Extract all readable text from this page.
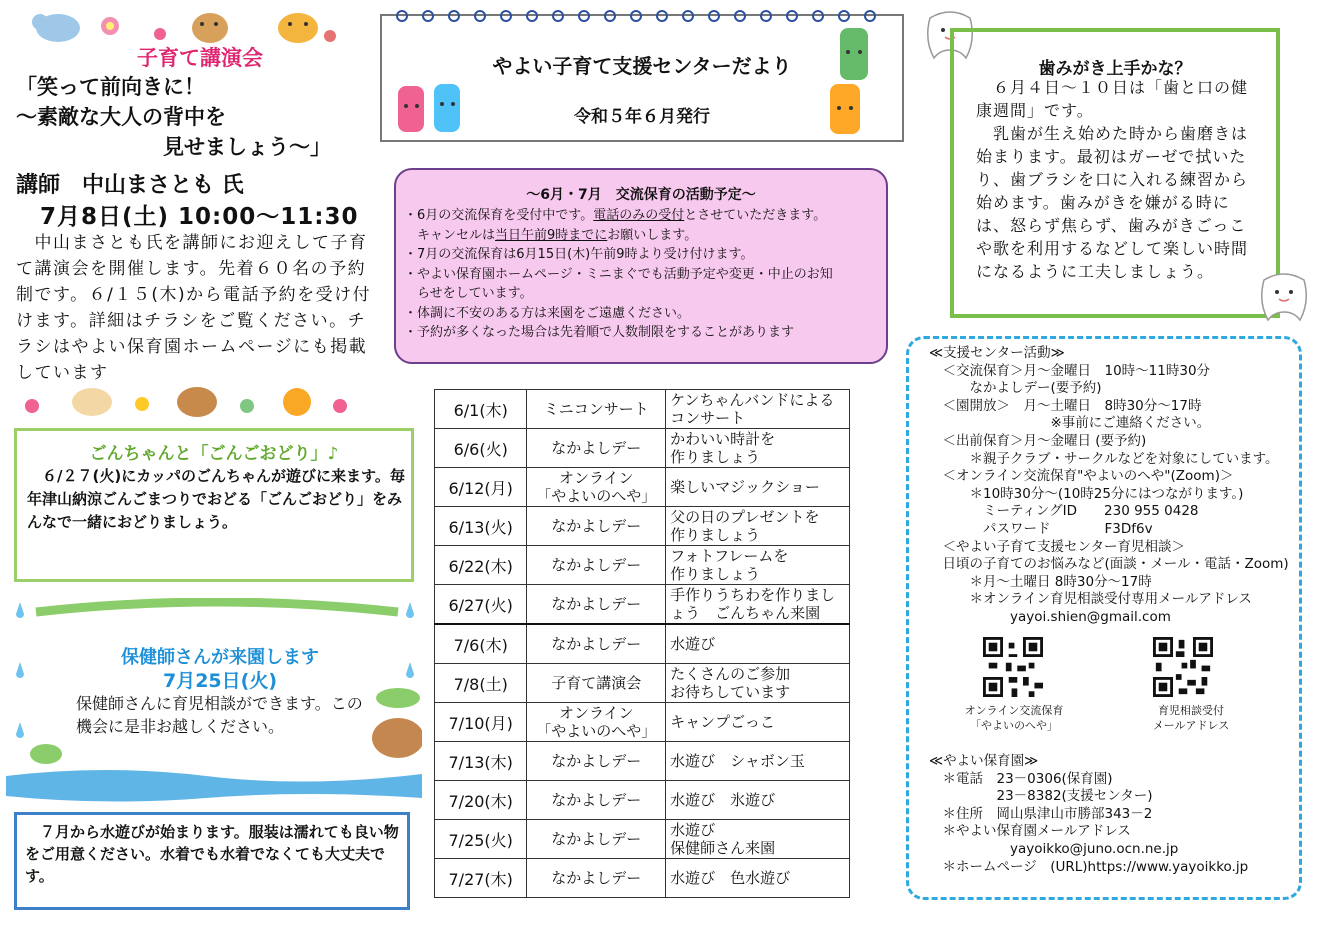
子育て講演会
「笑って前向きに！
～素敵な大人の背中を
　　　　　　　見せましょう～」
講師　中山まさとも 氏
7月8日(土) 10:00～11:30
　中山まさとも氏を講師にお迎えして子育て講演会を開催します。先着６０名の予約制です。６/１５(木)から電話予約を受け付けます。詳細はチラシをご覧ください。チラシはやよい保育園ホームページにも掲載しています
ごんちゃんと「ごんごおどり」♪
　６/２７(火)にカッパのごんちゃんが遊びに来ます。毎年津山納涼ごんごまつりでおどる「ごんごおどり」をみんなで一緒におどりましょう。
保健師さんが来園します
7月25日(火)
保健師さんに育児相談ができます。この機会に是非お越しください。
　７月から水遊びが始まります。服装は濡れても良い物をご用意ください。水着でも水着でなくても大丈夫です。
やよい子育て支援センターだより
令和５年６月発行
～6月・7月　交流保育の活動予定～
・6月の交流保育を受付中です。電話のみの受付とさせていただきます。
　キャンセルは当日午前9時までにお願いします。
・7月の交流保育は6月15日(木)午前9時より受け付けます。
・やよい保育園ホームページ・ミニまぐでも活動予定や変更・中止のお知
　らせをしています。
・体調に不安のある方は来園をご遠慮ください。
・予約が多くなった場合は先着順で人数制限をすることがあります
6/1(木)	ミニコンサート	ケンちゃんバンドによる
コンサート

6/6(火)	なかよしデー	かわいい時計を
作りましょう

6/12(月)	オンライン
「やよいのへや」	楽しいマジックショー

6/13(火)	なかよしデー	父の日のプレゼントを
作りましょう

6/22(木)	なかよしデー	フォトフレームを
作りましょう

6/27(火)	なかよしデー	手作りうちわを作りまし
ょう　ごんちゃん来園

7/6(木)	なかよしデー	水遊び

7/8(土)	子育て講演会	たくさんのご参加
お待ちしています

7/10(月)	オンライン
「やよいのへや」	キャンプごっこ

7/13(木)	なかよしデー	水遊び　シャボン玉

7/20(木)	なかよしデー	水遊び　氷遊び

7/25(火)	なかよしデー	水遊び
保健師さん来園

7/27(木)	なかよしデー	水遊び　色水遊び
歯みがき上手かな？
　６月４日～１０日は「歯と口の健康週間」です。
　乳歯が生え始めた時から歯磨きは始まります。最初はガーゼで拭いたり、歯ブラシを口に入れる練習から始めます。歯みがきを嫌がる時には、怒らず焦らず、歯みがきごっこや歌を利用するなどして楽しい時間になるように工夫しましょう。
≪支援センター活動≫
　＜交流保育＞月～金曜日　10時～11時30分
　　　なかよしデー(要予約)
　＜園開放＞　月～土曜日　8時30分～17時
　　　　　　　　　※事前にご連絡ください。
　＜出前保育＞月～金曜日 (要予約)
　　　＊親子クラブ・サークルなどを対象にしています。
　＜オンライン交流保育"やよいのへや"(Zoom)＞
　　　＊10時30分～(10時25分にはつながります。)
　　　　ミーティングID　　230 955 0428
　　　　パスワード　　　　F3Df6v
　＜やよい子育て支援センター育児相談＞
　日頃の子育てのお悩みなど(面談・メール・電話・Zoom)
　　　＊月～土曜日 8時30分～17時
　　　＊オンライン育児相談受付専用メールアドレス
　　　　　　yayoi.shien@gmail.com
オンライン交流保育
「やよいのへや」
育児相談受付
メールアドレス
≪やよい保育園≫
　＊電話　23－0306(保育園)
　　　　　23－8382(支援センター)
　＊住所　岡山県津山市勝部343－2
　＊やよい保育園メールアドレス
　　　　　　yayoikko@juno.ocn.ne.jp
　＊ホームページ　(URL)https://www.yayoikko.jp
